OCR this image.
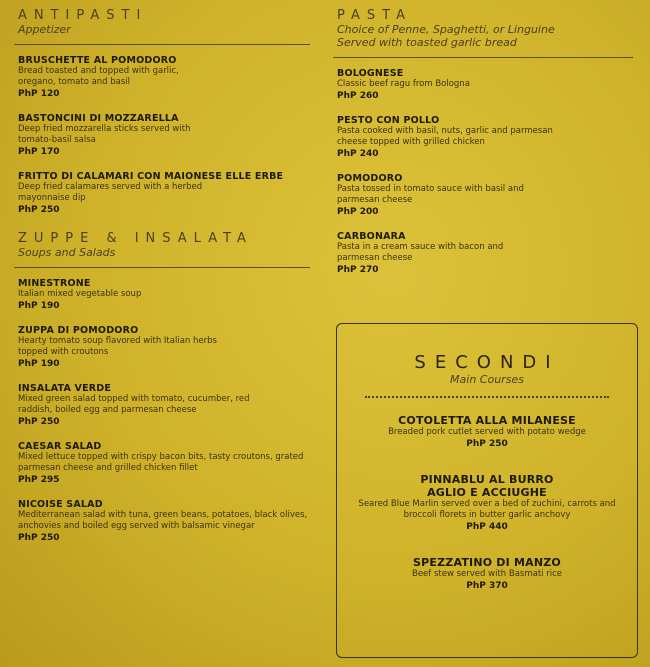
ANTIPASTI
Appetizer
BRUSCHETTE AL POMODORO
Bread toasted and topped with garlic, oregano, tomato and basil
PhP 120
BASTONCINI DI MOZZARELLA
Deep fried mozzarella sticks served with tomato-basil salsa
PhP 170
FRITTO DI CALAMARI CON MAIONESE ELLE ERBE
Deep fried calamares served with a herbed mayonnaise dip
PhP 250
ZUPPE & INSALATA
Soups and Salads
MINESTRONE
Italian mixed vegetable soup
PhP 190
ZUPPA DI POMODORO
Hearty tomato soup flavored with Italian herbs topped with croutons
PhP 190
INSALATA VERDE
Mixed green salad topped with tomato, cucumber, red raddish, boiled egg and parmesan cheese
PhP 250
CAESAR SALAD
Mixed lettuce topped with crispy bacon bits, tasty croutons, grated parmesan cheese and grilled chicken fillet
PhP 295
NICOISE SALAD
Mediterranean salad with tuna, green beans, potatoes, black olives, anchovies and boiled egg served with balsamic vinegar
PhP 250
PASTA
Choice of Penne, Spaghetti, or Linguine
Served with toasted garlic bread
BOLOGNESE
Classic beef ragu from Bologna
PhP 260
PESTO CON POLLO
Pasta cooked with basil, nuts, garlic and parmesan cheese topped with grilled chicken
PhP 240
POMODORO
Pasta tossed in tomato sauce with basil and parmesan cheese
PhP 200
CARBONARA
Pasta in a cream sauce with bacon and parmesan cheese
PhP 270
SECONDI
Main Courses
COTOLETTA ALLA MILANESE
Breaded pork cutlet served with potato wedge
PhP 250
PINNABLU AL BURRO AGLIO E ACCIUGHE
Seared Blue Marlin served over a bed of zuchini, carrots and broccoli florets in butter garlic anchovy
PhP 440
SPEZZATINO DI MANZO
Beef stew served with Basmati rice
PhP 370
